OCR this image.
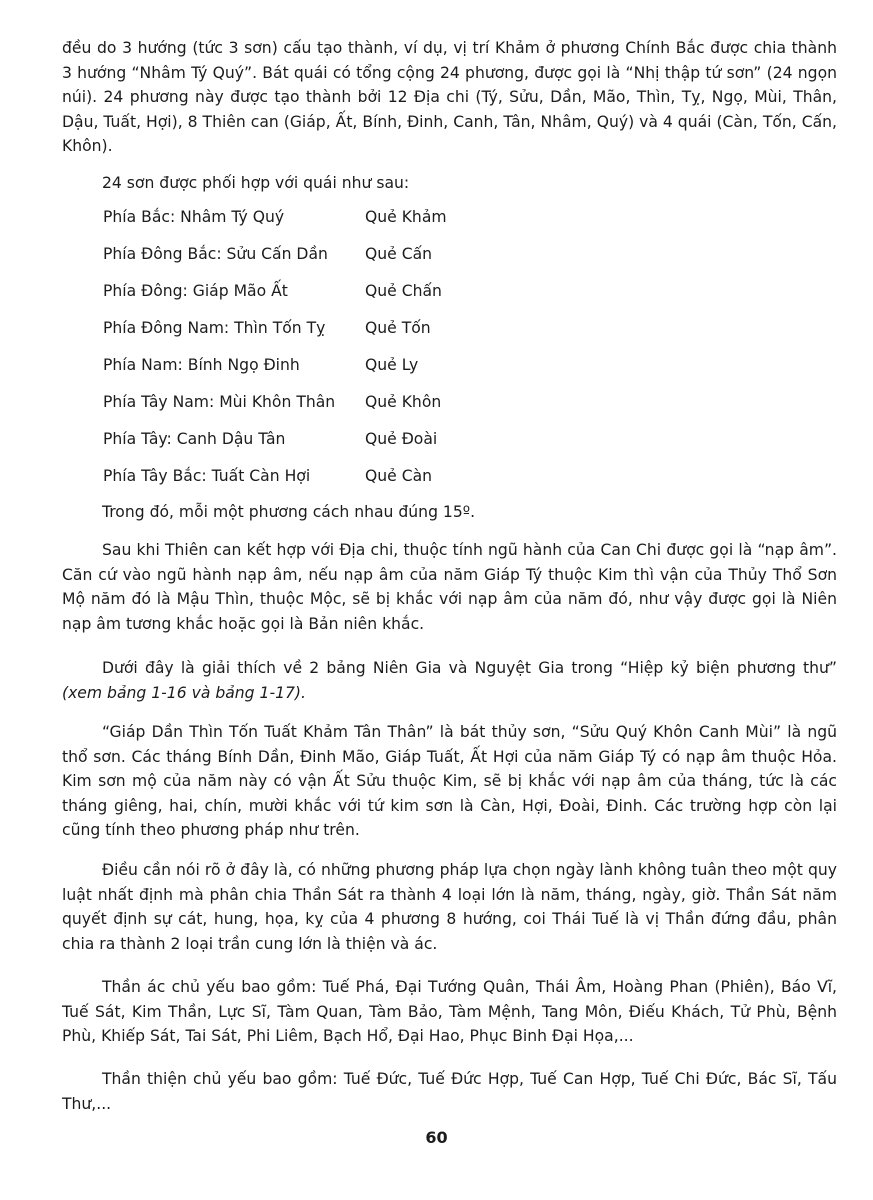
đều do 3 hướng (tức 3 sơn) cấu tạo thành, ví dụ, vị trí Khảm ở phương Chính Bắc được chia thành 3 hướng “Nhâm Tý Quý”. Bát quái có tổng cộng 24 phương, được gọi là “Nhị thập tứ sơn” (24 ngọn núi). 24 phương này được tạo thành bởi 12 Địa chi (Tý, Sửu, Dần, Mão, Thìn, Tỵ, Ngọ, Mùi, Thân, Dậu, Tuất, Hợi), 8 Thiên can (Giáp, Ất, Bính, Đinh, Canh, Tân, Nhâm, Quý) và 4 quái (Càn, Tốn, Cấn, Khôn).

24 sơn được phối hợp với quái như sau:

Phía Bắc: Nhâm Tý Quý	Quẻ Khảm
Phía Đông Bắc: Sửu Cấn Dần Quẻ Cấn
Phía Đông: Giáp Mão Ất	Quẻ Chấn
Phía Đông Nam: Thìn Tốn Tỵ	Quẻ Tốn
Phía Nam: Bính Ngọ Đinh	Quẻ Ly
Phía Tây Nam: Mùi Khôn Thân Quẻ Khôn
Phía Tây: Canh Dậu Tân	Quẻ Đoài
Phía Tây Bắc: Tuất Càn Hợi	Quẻ Càn

Trong đó, mỗi một phương cách nhau đúng 15º.

Sau khi Thiên can kết hợp với Địa chi, thuộc tính ngũ hành của Can Chi được gọi là “nạp âm”. Căn cứ vào ngũ hành nạp âm, nếu nạp âm của năm Giáp Tý thuộc Kim thì vận của Thủy Thổ Sơn Mộ năm đó là Mậu Thìn, thuộc Mộc, sẽ bị khắc với nạp âm của năm đó, như vậy được gọi là Niên nạp âm tương khắc hoặc gọi là Bản niên khắc.

Dưới đây là giải thích về 2 bảng Niên Gia và Nguyệt Gia trong “Hiệp kỷ biện phương thư” (xem bảng 1-16 và bảng 1-17).

“Giáp Dần Thìn Tốn Tuất Khảm Tân Thân” là bát thủy sơn, “Sửu Quý Khôn Canh Mùi” là ngũ thổ sơn. Các tháng Bính Dần, Đinh Mão, Giáp Tuất, Ất Hợi của năm Giáp Tý có nạp âm thuộc Hỏa. Kim sơn mộ của năm này có vận Ất Sửu thuộc Kim, sẽ bị khắc với nạp âm của tháng, tức là các tháng giêng, hai, chín, mười khắc với tứ kim sơn là Càn, Hợi, Đoài, Đinh. Các trường hợp còn lại cũng tính theo phương pháp như trên.

Điều cần nói rõ ở đây là, có những phương pháp lựa chọn ngày lành không tuân theo một quy luật nhất định mà phân chia Thần Sát ra thành 4 loại lớn là năm, tháng, ngày, giờ. Thần Sát năm quyết định sự cát, hung, họa, kỵ của 4 phương 8 hướng, coi Thái Tuế là vị Thần đứng đầu, phân chia ra thành 2 loại trần cung lớn là thiện và ác.

Thần ác chủ yếu bao gồm: Tuế Phá, Đại Tướng Quân, Thái Âm, Hoàng Phan (Phiên), Báo Vĩ, Tuế Sát, Kim Thần, Lực Sĩ, Tàm Quan, Tàm Bảo, Tàm Mệnh, Tang Môn, Điếu Khách, Tử Phù, Bệnh Phù, Khiếp Sát, Tai Sát, Phi Liêm, Bạch Hổ, Đại Hao, Phục Binh Đại Họa,...

Thần thiện chủ yếu bao gồm: Tuế Đức, Tuế Đức Hợp, Tuế Can Hợp, Tuế Chi Đức, Bác Sĩ, Tấu Thư,...

60
